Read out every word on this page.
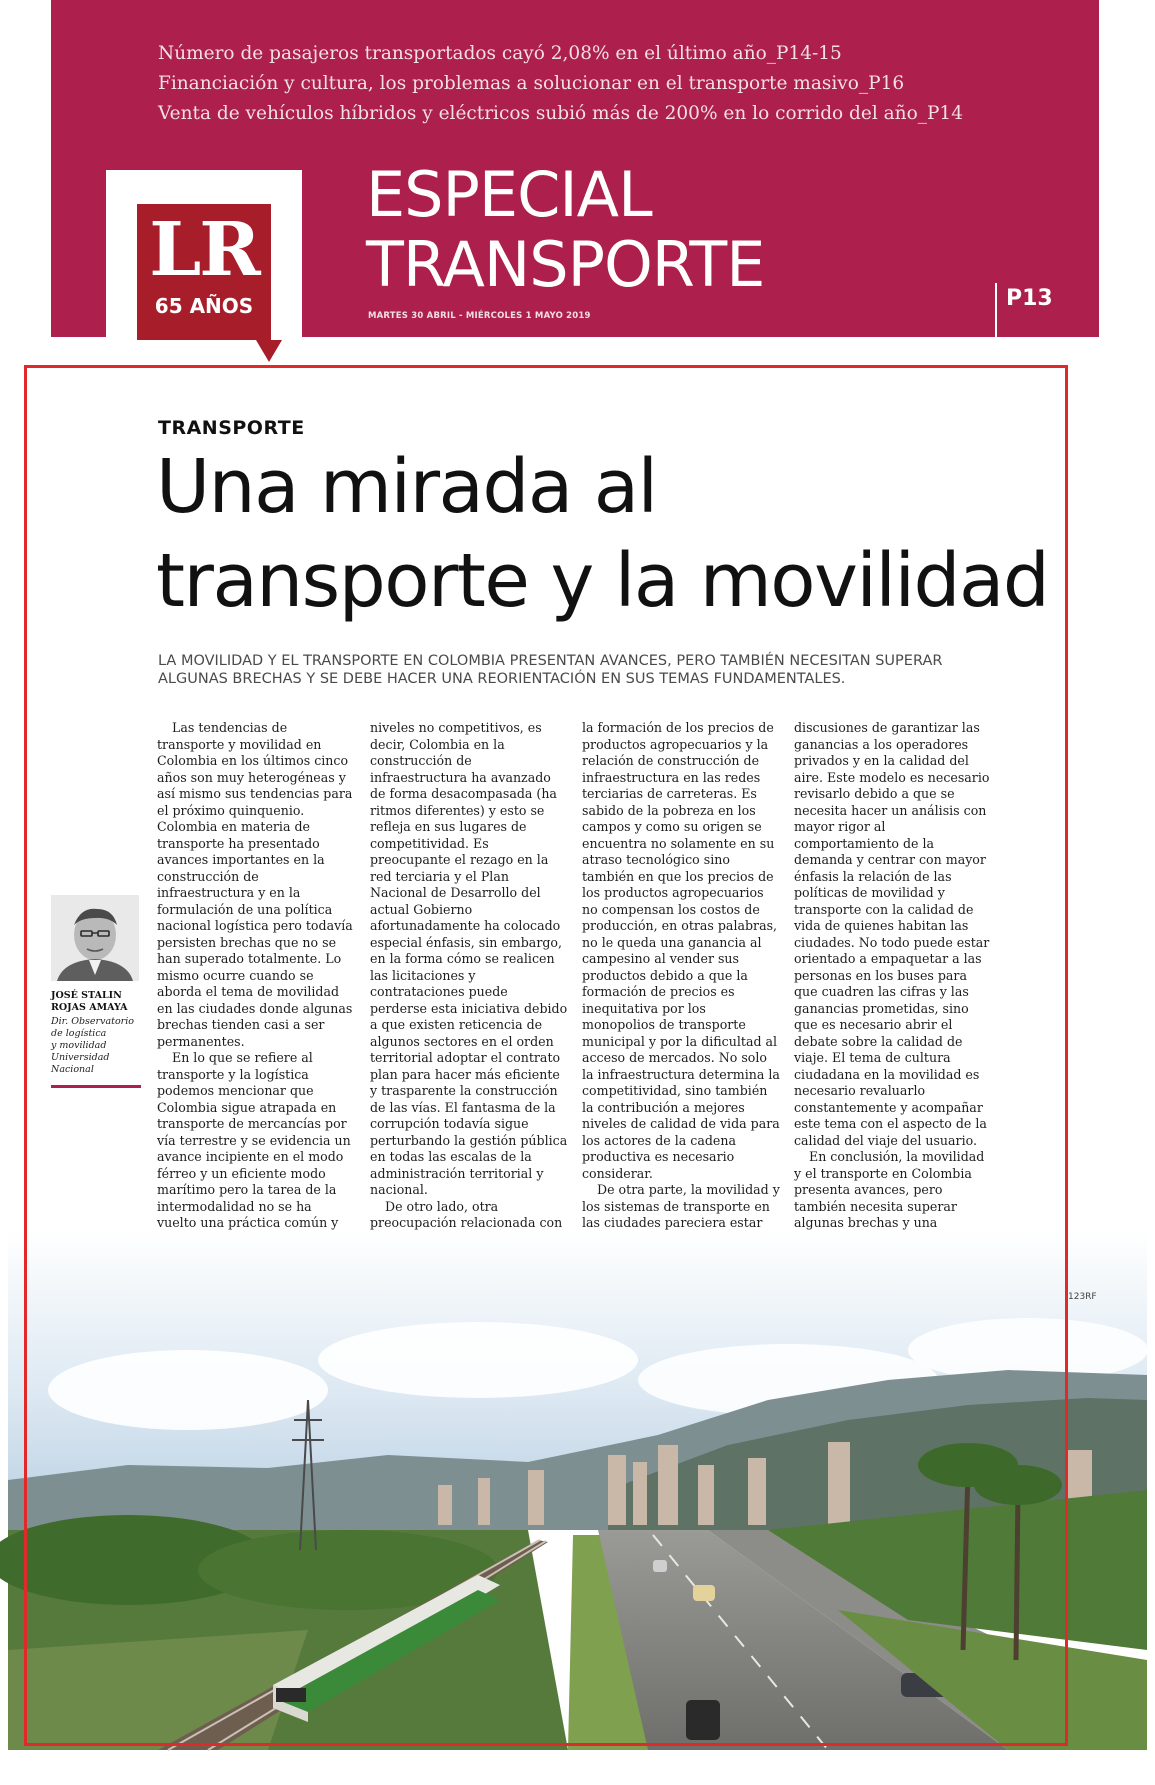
Número de pasajeros transportados cayó 2,08% en el último año_P14-15
Financiación y cultura, los problemas a solucionar en el transporte masivo_P16
Venta de vehículos híbridos y eléctricos subió más de 200% en lo corrido del año_P14
LR
65 AÑOS
ESPECIAL
TRANSPORTE
MARTES 30 ABRIL - MIÉRCOLES 1 MAYO 2019
P13
TRANSPORTE
Una mirada al
transporte y la movilidad
LA MOVILIDAD Y EL TRANSPORTE EN COLOMBIA PRESENTAN AVANCES, PERO TAMBIÉN NECESITAN SUPERAR ALGUNAS BRECHAS Y SE DEBE HACER UNA REORIENTACIÓN EN SUS TEMAS FUNDAMENTALES.
JOSÉ STALIN
ROJAS AMAYA
Dir. Observatorio
de logística
y movilidad
Universidad
Nacional

Las tendencias de transporte y movilidad en Colombia en los últimos cinco años son muy heterogéneas y así mismo sus tendencias para el próximo quinquenio. Colombia en materia de transporte ha presentado avances importantes en la construcción de infraestructura y en la formulación de una política nacional logística pero todavía persisten brechas que no se han superado totalmente. Lo mismo ocurre cuando se aborda el tema de movilidad en las ciudades donde algunas brechas tienden casi a ser permanentes.

En lo que se refiere al transporte y la logística podemos mencionar que Colombia sigue atrapada en transporte de mercancías por vía terrestre y se evidencia un avance incipiente en el modo férreo y un eficiente modo marítimo pero la tarea de la intermodalidad no se ha vuelto una práctica común y

niveles no competitivos, es decir, Colombia en la construcción de infraestructura ha avanzado de forma desacompasada (ha ritmos diferentes) y esto se refleja en sus lugares de competitividad. Es preocupante el rezago en la red terciaria y el Plan Nacional de Desarrollo del actual Gobierno afortunadamente ha colocado especial énfasis, sin embargo, en la forma cómo se realicen las licitaciones y contrataciones puede perderse esta iniciativa debido a que existen reticencia de algunos sectores en el orden territorial adoptar el contrato plan para hacer más eficiente y trasparente la construcción de las vías. El fantasma de la corrupción todavía sigue perturbando la gestión pública en todas las escalas de la administración territorial y nacional.

De otro lado, otra preocupación relacionada con

la formación de los precios de productos agropecuarios y la relación de construcción de infraestructura en las redes terciarias de carreteras. Es sabido de la pobreza en los campos y como su origen se encuentra no solamente en su atraso tecnológico sino también en que los precios de los productos agropecuarios no compensan los costos de producción, en otras palabras, no le queda una ganancia al campesino al vender sus productos debido a que la formación de precios es inequitativa por los monopolios de transporte municipal y por la dificultad al acceso de mercados. No solo la infraestructura determina la competitividad, sino también la contribución a mejores niveles de calidad de vida para los actores de la cadena productiva es necesario considerar.

De otra parte, la movilidad y los sistemas de transporte en las ciudades pareciera estar

discusiones de garantizar las ganancias a los operadores privados y en la calidad del aire. Este modelo es necesario revisarlo debido a que se necesita hacer un análisis con mayor rigor al comportamiento de la demanda y centrar con mayor énfasis la relación de las políticas de movilidad y transporte con la calidad de vida de quienes habitan las ciudades. No todo puede estar orientado a empaquetar a las personas en los buses para que cuadren las cifras y las ganancias prometidas, sino que es necesario abrir el debate sobre la calidad de viaje. El tema de cultura ciudadana en la movilidad es necesario revaluarlo constantemente y acompañar este tema con el aspecto de la calidad del viaje del usuario.

En conclusión, la movilidad y el transporte en Colombia presenta avances, pero también necesita superar algunas brechas y una

123RF
